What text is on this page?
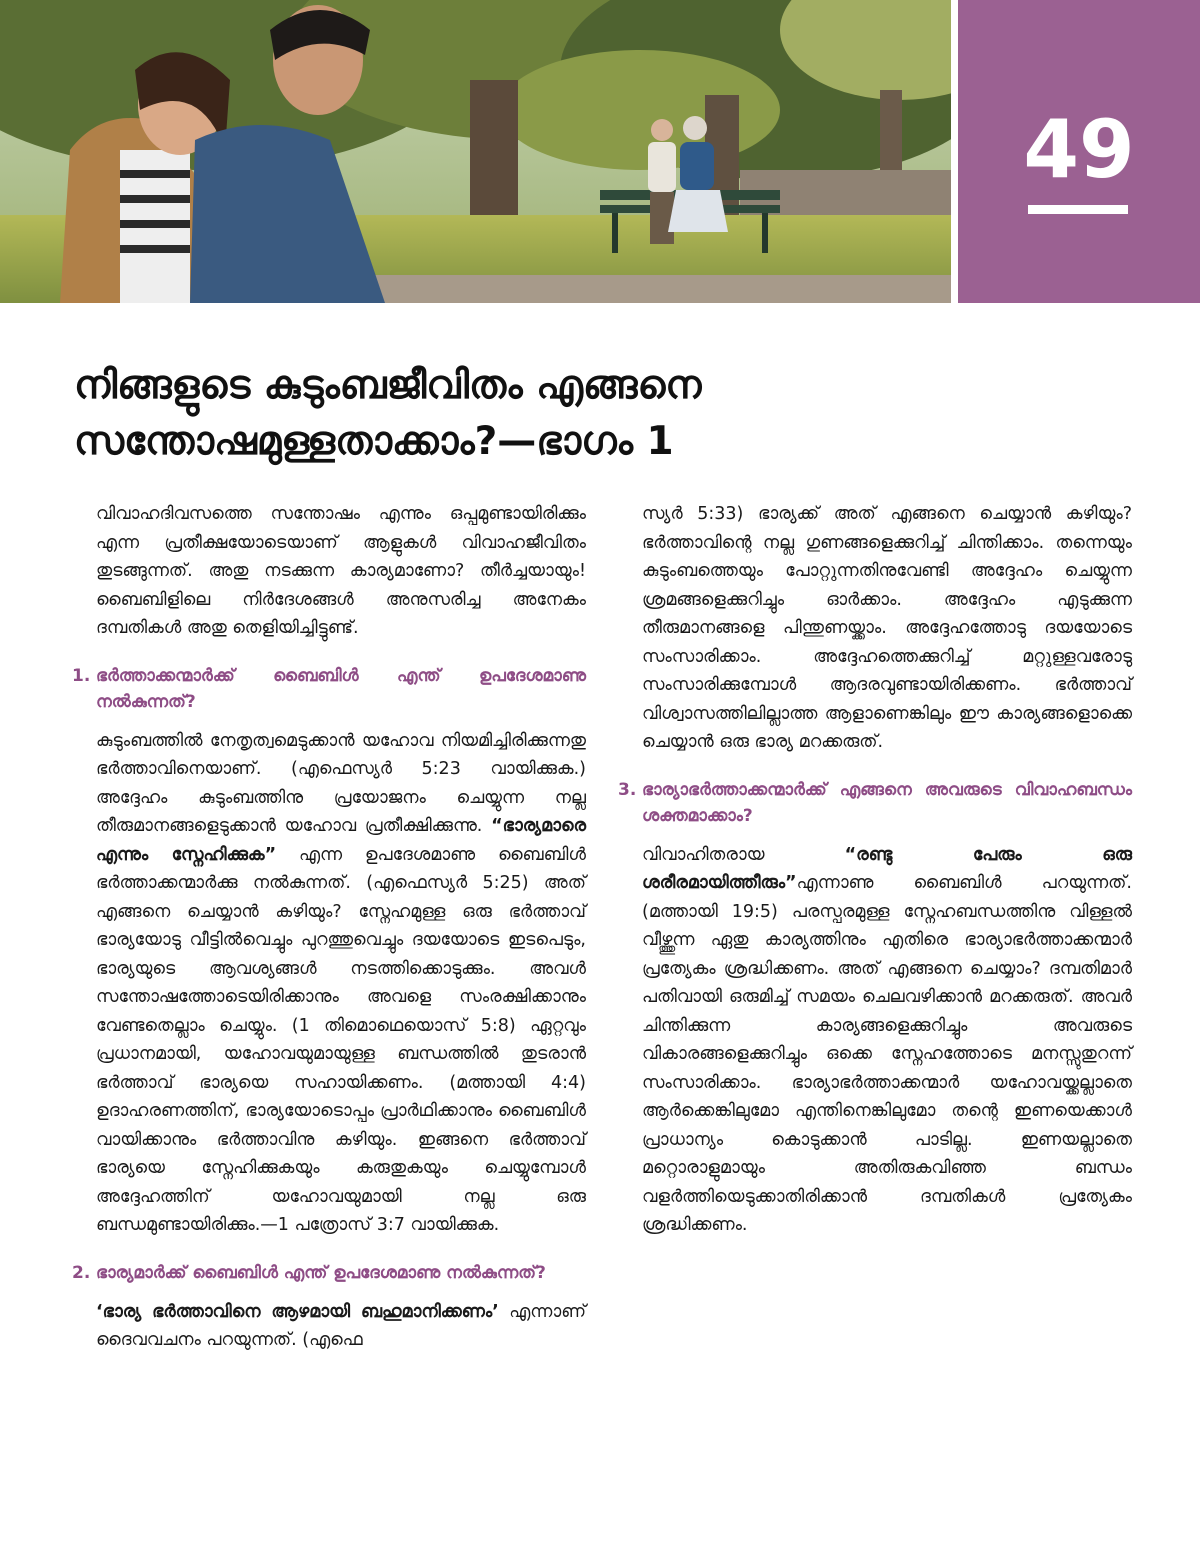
49
നിങ്ങളുടെ കുടുംബജീവിതം എങ്ങനെ
സന്തോഷമുള്ളതാക്കാം?—ഭാഗം 1

വിവാഹദിവസത്തെ സന്തോഷം എന്നും ഒപ്പമുണ്ടായിരിക്കും എന്ന പ്രതീക്ഷയോടെയാണ് ആളുകൾ വിവാഹജീവിതം തുടങ്ങുന്നത്. അതു നടക്കുന്ന കാര്യമാണോ? തീർച്ചയായും! ബൈബിളിലെ നിർദേശങ്ങൾ അനുസരിച്ച അനേകം ദമ്പതികൾ അതു തെളിയിച്ചിട്ടുണ്ട്.

1. ഭർത്താക്കന്മാർക്ക് ബൈബിൾ എന്ത് ഉപദേശമാണു നൽകുന്നത്?

കുടുംബത്തിൽ നേതൃത്വമെടുക്കാൻ യഹോവ നിയമിച്ചിരിക്കുന്നതു ഭർത്താവിനെയാണ്. (എഫെസ്യർ 5:23 വായിക്കുക.) അദ്ദേഹം കുടുംബത്തിനു പ്രയോജനം ചെയ്യുന്ന നല്ല തീരുമാനങ്ങളെടുക്കാൻ യഹോവ പ്രതീക്ഷിക്കുന്നു. “ഭാര്യമാരെ എന്നും സ്നേഹിക്കുക” എന്ന ഉപദേശമാണു ബൈബിൾ ഭർത്താക്കന്മാർക്കു നൽകുന്നത്. (എഫെസ്യർ 5:25) അത് എങ്ങനെ ചെയ്യാൻ കഴിയും? സ്നേഹമുള്ള ഒരു ഭർത്താവ് ഭാര്യയോടു വീട്ടിൽവെച്ചും പുറത്തുവെച്ചും ദയയോടെ ഇടപെടും, ഭാര്യയുടെ ആവശ്യങ്ങൾ നടത്തിക്കൊടുക്കും. അവൾ സന്തോഷത്തോടെയിരിക്കാനും അവളെ സംരക്ഷിക്കാനും വേണ്ടതെല്ലാം ചെയ്യും. (1 തിമൊഥെയൊസ് 5:8) ഏറ്റവും പ്രധാനമായി, യഹോവയുമായുള്ള ബന്ധത്തിൽ തുടരാൻ ഭർത്താവ് ഭാര്യയെ സഹായിക്കണം. (മത്തായി 4:4) ഉദാഹരണത്തിന്, ഭാര്യയോടൊപ്പം പ്രാർഥിക്കാനും ബൈബിൾ വായിക്കാനും ഭർത്താവിനു കഴിയും. ഇങ്ങനെ ഭർത്താവ് ഭാര്യയെ സ്നേഹിക്കുകയും കരുതുകയും ചെയ്യുമ്പോൾ അദ്ദേഹത്തിന് യഹോവയുമായി നല്ല ഒരു ബന്ധമുണ്ടായിരിക്കും.—1 പത്രോസ് 3:7 വായിക്കുക.

2. ഭാര്യമാർക്ക് ബൈബിൾ എന്ത് ഉപദേശമാണു നൽകുന്നത്?

‘ഭാര്യ ഭർത്താവിനെ ആഴമായി ബഹുമാനിക്കണം’ എന്നാണ് ദൈവവചനം പറയുന്നത്. (എഫെ

സ്യർ 5:33) ഭാര്യക്ക് അത് എങ്ങനെ ചെയ്യാൻ കഴിയും? ഭർത്താവിന്റെ നല്ല ഗുണങ്ങളെക്കുറിച്ച് ചിന്തിക്കാം. തന്നെയും കുടുംബത്തെയും പോറ്റുന്നതിനുവേണ്ടി അദ്ദേഹം ചെയ്യുന്ന ശ്രമങ്ങളെക്കുറിച്ചും ഓർക്കാം. അദ്ദേഹം എടുക്കുന്ന തീരുമാനങ്ങളെ പിന്തുണയ്ക്കാം. അദ്ദേഹത്തോടു ദയയോടെ സംസാരിക്കാം. അദ്ദേഹത്തെക്കുറിച്ച് മറ്റുള്ളവരോടു സംസാരിക്കുമ്പോൾ ആദരവുണ്ടായിരിക്കണം. ഭർത്താവ് വിശ്വാസത്തിലില്ലാത്ത ആളാണെങ്കിലും ഈ കാര്യങ്ങളൊക്കെ ചെയ്യാൻ ഒരു ഭാര്യ മറക്കരുത്.

3. ഭാര്യാഭർത്താക്കന്മാർക്ക് എങ്ങനെ അവരുടെ വിവാഹബന്ധം ശക്തമാക്കാം?

വിവാഹിതരായ	“രണ്ടു പേരും ഒരു ശരീരമായിത്തീരും”എന്നാണു ബൈബിൾ പറയുന്നത്. (മത്തായി 19:5) പരസ്പരമുള്ള സ്നേഹബന്ധത്തിനു വിള്ളൽ വീഴ്ത്തുന്ന ഏതു കാര്യത്തിനും എതിരെ ഭാര്യാഭർത്താക്കന്മാർ പ്രത്യേകം ശ്രദ്ധിക്കണം. അത് എങ്ങനെ ചെയ്യാം? ദമ്പതിമാർ പതിവായി ഒരുമിച്ച് സമയം ചെലവഴിക്കാൻ മറക്കരുത്. അവർ ചിന്തിക്കുന്ന കാര്യങ്ങളെക്കുറിച്ചും അവരുടെ വികാരങ്ങളെക്കുറിച്ചും ഒക്കെ സ്നേഹത്തോടെ മനസ്സുതുറന്ന് സംസാരിക്കാം. ഭാര്യാഭർത്താക്കന്മാർ യഹോവയ്ക്കല്ലാതെ ആർക്കെങ്കിലുമോ എന്തിനെങ്കിലുമോ തന്റെ ഇണയെക്കാൾ പ്രാധാന്യം കൊടുക്കാൻ പാടില്ല. ഇണയല്ലാതെ മറ്റൊരാളുമായും അതിരുകവിഞ്ഞ ബന്ധം വളർത്തിയെടുക്കാതിരിക്കാൻ ദമ്പതികൾ പ്രത്യേകം ശ്രദ്ധിക്കണം.
